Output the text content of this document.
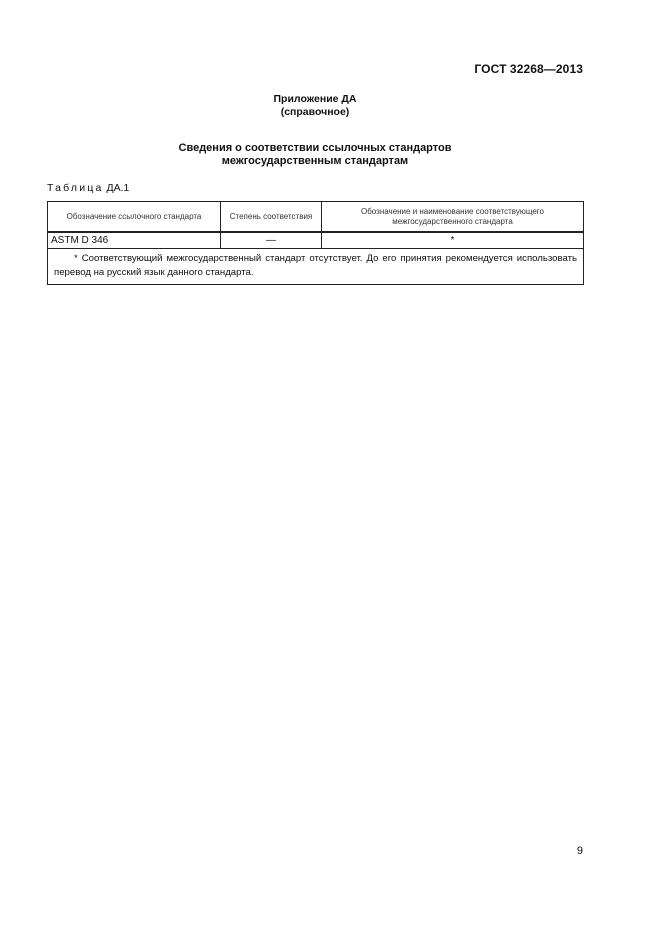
ГОСТ 32268—2013
Приложение ДА
(справочное)
Сведения о соответствии ссылочных стандартов
межгосударственным стандартам
Таблица ДА.1
Обозначение ссылочного стандарта	Степень соответствия	Обозначение и наименование соответствующего межгосударственного стандарта
ASTM D 346	—	*

* Соответствующий межгосударственный стандарт отсутствует. До его принятия рекомендуется использовать перевод на русский язык данного стандарта.		
9
